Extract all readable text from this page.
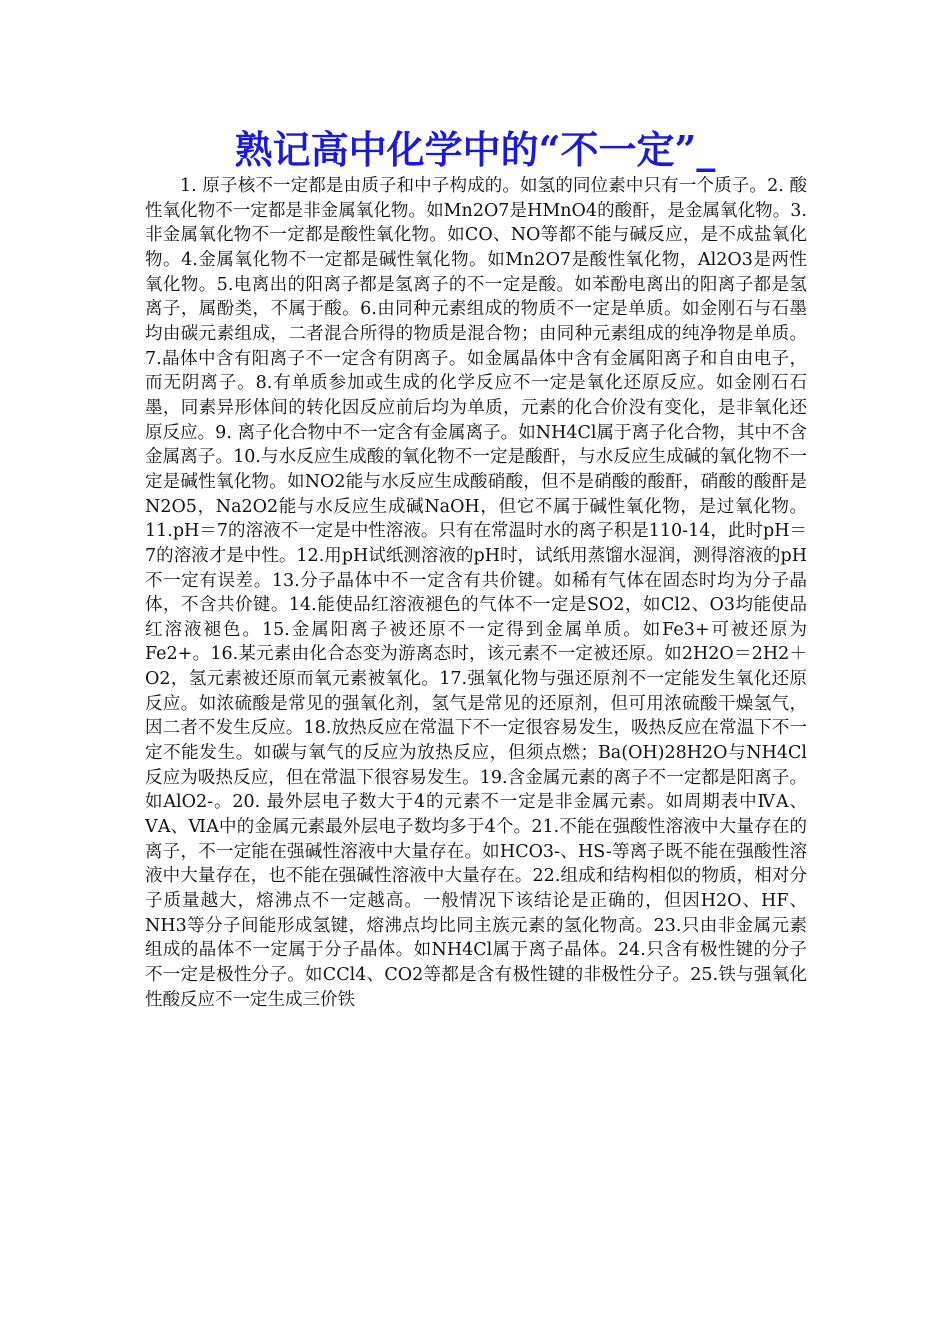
熟记高中化学中的“不一定”_

1. 原子核不一定都是由质子和中子构成的。如氢的同位素中只有一个质子。2. 酸性氧化物不一定都是非金属氧化物。如Mn2O7是HMnO4的酸酐，是金属氧化物。3. 非金属氧化物不一定都是酸性氧化物。如CO、NO等都不能与碱反应，是不成盐氧化物。4.金属氧化物不一定都是碱性氧化物。如Mn2O7是酸性氧化物，Al2O3是两性氧化物。5.电离出的阳离子都是氢离子的不一定是酸。如苯酚电离出的阳离子都是氢离子，属酚类，不属于酸。6.由同种元素组成的物质不一定是单质。如金刚石与石墨均由碳元素组成，二者混合所得的物质是混合物；由同种元素组成的纯净物是单质。7.晶体中含有阳离子不一定含有阴离子。如金属晶体中含有金属阳离子和自由电子，而无阴离子。8.有单质参加或生成的化学反应不一定是氧化还原反应。如金刚石石墨，同素异形体间的转化因反应前后均为单质，元素的化合价没有变化，是非氧化还原反应。9. 离子化合物中不一定含有金属离子。如NH4Cl属于离子化合物，其中不含金属离子。10.与水反应生成酸的氧化物不一定是酸酐，与水反应生成碱的氧化物不一定是碱性氧化物。如NO2能与水反应生成酸硝酸，但不是硝酸的酸酐，硝酸的酸酐是N2O5，Na2O2能与水反应生成碱NaOH，但它不属于碱性氧化物，是过氧化物。11.pH＝7的溶液不一定是中性溶液。只有在常温时水的离子积是110-14，此时pH＝7的溶液才是中性。12.用pH试纸测溶液的pH时，试纸用蒸馏水湿润，测得溶液的pH不一定有误差。13.分子晶体中不一定含有共价键。如稀有气体在固态时均为分子晶体，不含共价键。14.能使品红溶液褪色的气体不一定是SO2，如Cl2、O3均能使品红溶液褪色。15.金属阳离子被还原不一定得到金属单质。如Fe3+可被还原为Fe2+。16.某元素由化合态变为游离态时，该元素不一定被还原。如2H2O＝2H2＋O2，氢元素被还原而氧元素被氧化。17.强氧化物与强还原剂不一定能发生氧化还原反应。如浓硫酸是常见的强氧化剂，氢气是常见的还原剂，但可用浓硫酸干燥氢气，因二者不发生反应。18.放热反应在常温下不一定很容易发生，吸热反应在常温下不一定不能发生。如碳与氧气的反应为放热反应，但须点燃；Ba(OH)28H2O与NH4Cl反应为吸热反应，但在常温下很容易发生。19.含金属元素的离子不一定都是阳离子。如AlO2-。20. 最外层电子数大于4的元素不一定是非金属元素。如周期表中ⅣA、ⅤA、ⅥA中的金属元素最外层电子数均多于4个。21.不能在强酸性溶液中大量存在的离子，不一定能在强碱性溶液中大量存在。如HCO3-、HS-等离子既不能在强酸性溶液中大量存在，也不能在强碱性溶液中大量存在。22.组成和结构相似的物质，相对分子质量越大，熔沸点不一定越高。一般情况下该结论是正确的，但因H2O、HF、NH3等分子间能形成氢键，熔沸点均比同主族元素的氢化物高。23.只由非金属元素组成的晶体不一定属于分子晶体。如NH4Cl属于离子晶体。24.只含有极性键的分子不一定是极性分子。如CCl4、CO2等都是含有极性键的非极性分子。25.铁与强氧化性酸反应不一定生成三价铁
